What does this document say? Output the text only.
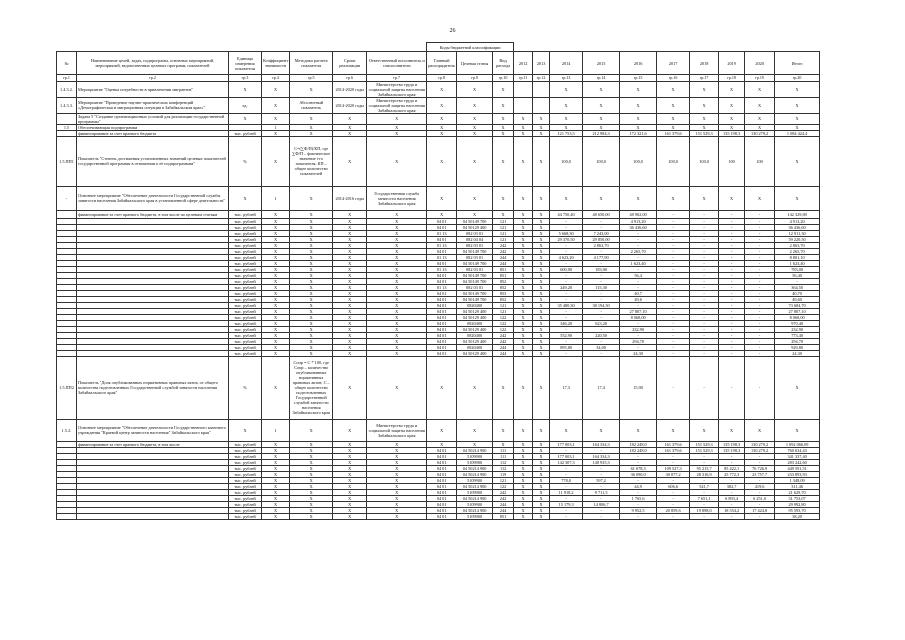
26
							Коды бюджетной классификации												
№	Наименование целей, задач, подпрограмм, основных мероприятий, мероприятий, ведомственных целевых программ, показателей	Единица измерения показателя	Коэффициент значимости	Методика расчета показателя	Сроки реализации	Ответственный исполнитель и соисполнители	Главный распорядитель	Целевая статья	Вид расхода	2012	2013	2014	2015	2016	2017	2018	2019	2020	Итого
гр.1	гр.2	гр.3	гр.4	гр.5	гр.6	гр.7	гр.8	гр.9	гр.10	гр.11	гр.12	гр.13	гр.14	гр.15	гр.16	гр.17	гр.18	гр.19	гр.20
1.4.3.2.	Мероприятие "Оценка потребности в привлечении мигрантов"	Х	Х	Х	2014-2020 годы	Министерство труда и социальной защиты населения Забайкальского края	Х	Х	Х			Х	Х	Х	Х	Х	Х	Х	Х
1.4.3.3.	Мероприятие "Проведение научно-практических конференций «Демографическая и миграционная ситуация в Забайкальском крае»"	ед.	Х	Абсолютный показатель	2014-2020 годы	Министерство труда и социальной защиты населения Забайкальского края	Х	Х	Х			Х	Х	Х	Х	Х	Х	Х	Х
	Задача 5 "Создание организационных условий для реализации государственной программы"	Х	Х	Х	Х	Х	Х	Х	Х	Х	Х	Х	Х	Х	Х	Х	Х	Х	Х
1.5	Обеспечивающая подпрограмма		1	Х	Х	Х	Х	Х	Х	Х	Х	Х	Х	Х	Х	Х	Х	Х	Х
	финансирование за счет краевого бюджета	тыс. рублей	Х	Х	Х	Х	Х	Х	Х	Х	Х	121 753,5	212 984,3	172 321,6	161 379,6	151 529,3	135 198,3	130 279,2	1 084 424,4
1.5.ПП1	Показатель "Степень достижения установленных значений целевых показателей государственной программы в отношении к её подпрограммам"	%	Х	С=(∑Ф/П)/КП, где ∑Ф/П – фактическое значение i-го показателя; КП – общее количество показателей	Х	Х	Х	Х	Х	Х	Х	100,0	100,0	100,0	100,0	100,0	100	100	Х
-	Основное мероприятие "Обеспечение деятельности Государственной службы занятости населения Забайкальского края в установленной сфере деятельности"	Х	1	Х	2014-2016 годы	Государственная служба занятости населения Забайкальского края	Х	Х	Х	Х	Х	Х	Х	Х	Х	Х	Х	Х	Х
	финансирование за счет краевого бюджета, в том числе по целевым статьям	тыс. рублей	Х	Х	Х	Х	Х	Х	Х	Х	Х	44 750,40	48 650,00	48 902,00	-	-	-	-	142 329,80
		тыс. рублей	Х	Х	Х	Х	04 01	04 50149 700	121	Х	Х	-	-	4 913,20	-	-	-	-	4 913,20
		тыс. рублей	Х	Х	Х	Х	04 01	04 50129 400	121	Х	Х	-	-	36 436,60	-	-	-	-	36 436,60
		тыс. рублей	Х	Х	Х	Х	01 13	082 03 01	121	Х	Х	5 668,30	7 243,00	-	-	-	-	-	12 911,30
		тыс. рублей	Х	Х	Х	Х	04 01	082 04 04	121	Х	Х	29 370,50	29 850,00	-	-	-	-	-	59 220,50
		тыс. рублей	Х	Х	Х	Х	01 13	082 03 01	242	Х	Х	-	2 863,70	-	-	-	-	-	2 863,70
		тыс. рублей	Х	Х	Х	Х	04 01	04 50149 700	242	Х	Х	-	-	2 265,70	-	-	-	-	2 265,70
		тыс. рублей	Х	Х	Х	Х	01 13	082 03 01	244	Х	Х	4 623,20	4 177,90	-	-	-	-	-	8 801,10
		тыс. рублей	Х	Х	Х	Х	04 01	04 50149 700	244	Х	Х	-	-	1 623,40	-	-	-	-	1 623,40
		тыс. рублей	Х	Х	Х	Х	01 13	082 03 01	851	Х	Х	600,00	183,00	-	-	-	-	-	783,00
		тыс. рублей	Х	Х	Х	Х	04 01	04 50149 700	851	Х	Х	-	-	56,4	-	-	-	-	56,40
		тыс. рублей	Х	Х	Х	Х	04 01	04 50149 700	852	Х	Х	-	-	-	-	-	-	-	-
		тыс. рублей	Х	Х	Х	Х	01 13	082 03 01	852	Х	Х	249,20	115,30	-	-	-	-	-	364,50
		тыс. рублей	Х	Х	Х	Х	04 01	04 50149 700	853	Х	Х	-	-	40,7	-	-	-	-	40,70
		тыс. рублей	Х	Х	Х	Х	04 01	04 50149 700	852	Х	Х	-	-	49,6	-	-	-	-	49,60
		тыс. рублей	Х	Х	Х	Х	04 01	0820400	121	Х	Х	35 480,30	38 194,30	-	-	-	-	-	73 684,70
		тыс. рублей	Х	Х	Х	Х	04 01	04 50129 400	121	Х	Х	-	-	27 807,10	-	-	-	-	27 807,10
		тыс. рублей	Х	Х	Х	Х	04 01	04 50129 400	122	Х	Х	-	-	8 068,00	-	-	-	-	8 068,00
		тыс. рублей	Х	Х	Х	Х	04 01	0820400	122	Х	Х	346,20	623,20	-	-	-	-	-	970,40
		тыс. рублей	Х	Х	Х	Х	04 01	04 50129 400	122	Х	Х	-	-	232,90	-	-	-	-	232,90
		тыс. рублей	Х	Х	Х	Х	04 01	0820400	242	Х	Х	552,90	220,50	-	-	-	-	-	773,40
		тыс. рублей	Х	Х	Х	Х	04 01	04 50129 400	242	Х	Х	-	-	294,70	-	-	-	-	294,70
		тыс. рублей	Х	Х	Х	Х	04 01	0820400	244	Х	Х	895,80	34,00	-	-	-	-	-	929,80
		тыс. рублей	Х	Х	Х	Х	04 01	04 50129 400	244	Х	Х	-	-	24,30	-	-	-	-	24,30
1.5.ПП2	Показатель "Доля опубликованных нормативных правовых актов, от общего количества подготовленных Государственной службой занятости населения Забайкальского края"	%	Х	Сопр = С * 100, где Сопр – количество опубликованных нормативных правовых актов; С – общее количество подготовленных Государственной службой занятости населения Забайкальского края	Х	Х	Х	Х	Х	Х	Х	17,3	17,4	15,90	-	-	-	-	Х
1.5.2.	Основное мероприятие "Обеспечение деятельности Государственного казенного учреждения "Краевой центр занятости населения" Забайкальского края"	Х	1	Х	Х	Министерство труда и социальной защиты населения Забайкальского края	Х	Х	Х	Х	Х	Х	Х	Х	Х	Х	Х	Х	Х
	финансирование за счет краевого бюджета, в том числе	тыс. рублей	Х	Х	Х	Х	Х	Х	Х	Х	Х	177 003,1	164 334,3	182 248,0	161 379,6	151 529,3	135 198,3	130 279,2	1 092 066,09
		тыс. рублей	Х	Х	Х	Х	04 01	04 50214 900	111	Х	Х	-	-	182 248,0	161 379,6	151 529,3	135 198,3	130 279,2	760 634,43
		тыс. рублей	Х	Х	Х	Х	04 01	5109900	111	Х	Х	177 003,1	164 334,3	-	-	-	-	-	341 337,40
		тыс. рублей	Х	Х	Х	Х	04 01	5109900	112	Х	Х	142 307,3	140 935,3	-	-	-	-	-	283 242,60
		тыс. рублей	Х	Х	Х	Х	04 01	04 50214 900	112	Х	Х	-	-	61 678,3	109 527,3	95 215,7	85 422,1	76 726,9	449 591,51
		тыс. рублей	Х	Х	Х	Х	04 01	04 50214 900	119	Х	Х	-	-	36 090,0	30 077,2	28 316,9	25 772,3	23 757,7	233 893,93
		тыс. рублей	Х	Х	Х	Х	04 01	5109900	121	Х	Х	778,0	597,2	-	-	-	-	-	1 348,09
		тыс. рублей	Х	Х	Х	Х	04 01	04 50214 900	122	Х	Х	-	-	44,9	606,6	541,7	382,7	419,6	311,46
		тыс. рублей	Х	Х	Х	Х	04 01	5109900	242	Х	Х	11 918,2	9 711,5	-	-	-	-	-	21 629,70
		тыс. рублей	Х	Х	Х	Х	04 01	04 50214 900	242	Х	Х	-	-	1 765,6	-	7 651,1	6 893,4	6 251,0	31 753,07
		тыс. рублей	Х	Х	Х	Х	04 01	5109900	244	Х	Х	15 179,3	14 806,7	-	-	-	-	-	29 992,80
		тыс. рублей	Х	Х	Х	Х	04 01	04 50214 900	244	Х	Х	-	-	9 952,5	20 859,6	19 898,0	18 554,2	17 424,8	95 593,70
		тыс. рублей	Х	Х	Х	Х	04 01	5109900	851	Х	Х	-	-	-	-	-	-	-	38,20
